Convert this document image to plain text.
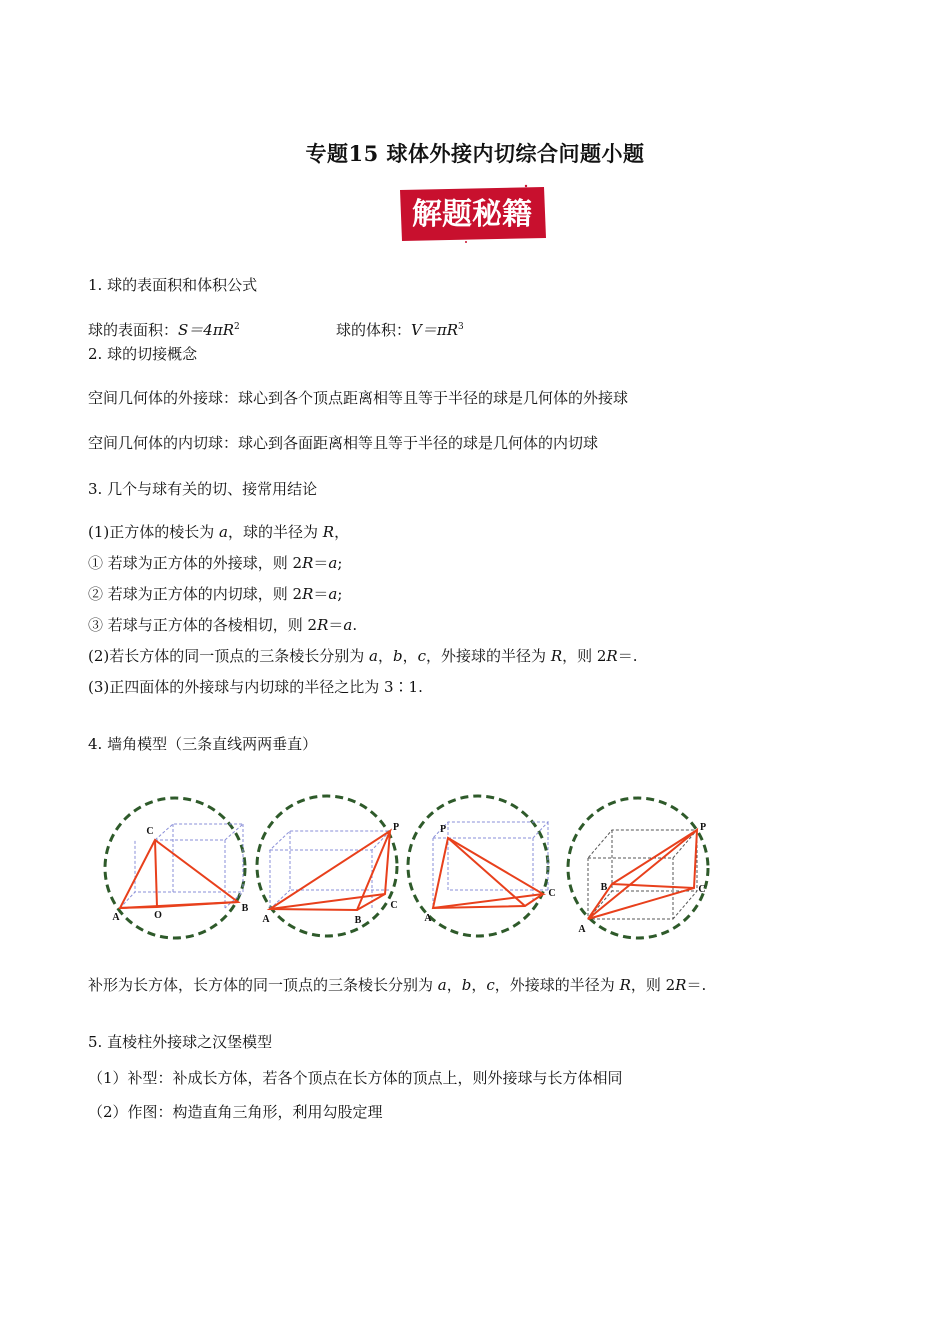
专题15 球体外接内切综合问题小题
解题秘籍
1. 球的表面积和体积公式
球的表面积：$S=4\pi R^2$	球的体积：$V=\pi R^3$
2. 球的切接概念
空间几何体的外接球：球心到各个顶点距离相等且等于半径的球是几何体的外接球
空间几何体的内切球：球心到各面距离相等且等于半径的球是几何体的内切球
3. 几个与球有关的切、接常用结论
(1)正方体的棱长为 a，球的半径为 R，
① 若球为正方体的外接球，则 2R＝a;
② 若球为正方体的内切球，则 2R＝a;
③ 若球与正方体的各棱相切，则 2R＝a.
(2)若长方体的同一顶点的三条棱长分别为 a，b，c，外接球的半径为 R，则 2R＝.
(3)正四面体的外接球与内切球的半径之比为 3∶1.
4. 墙角模型（三条直线两两垂直）
C
A	O
B
P
A	B
C
P
A
C
P
A
B	C
补形为长方体，长方体的同一顶点的三条棱长分别为 a，b，c，外接球的半径为 R，则 2R＝.
5. 直棱柱外接球之汉堡模型
（1）补型：补成长方体，若各个顶点在长方体的顶点上，则外接球与长方体相同
（2）作图：构造直角三角形，利用勾股定理
